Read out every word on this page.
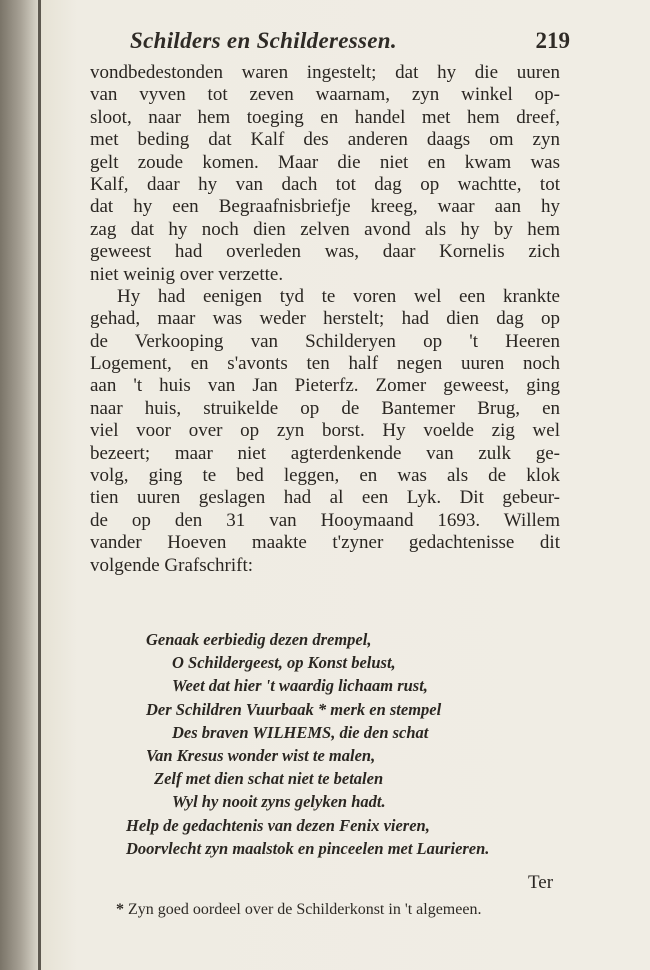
Schilders en Schilderessen.	219
vondbedestonden waren ingestelt; dat hy die uuren
van vyven tot zeven waarnam, zyn winkel op-
sloot, naar hem toeging en handel met hem dreef,
met beding dat Kalf des anderen daags om zyn
gelt zoude komen. Maar die niet en kwam was
Kalf, daar hy van dach tot dag op wachtte, tot
dat hy een Begraafnisbriefje kreeg, waar aan hy
zag dat hy noch dien zelven avond als hy by hem
geweest had overleden was, daar Kornelis zich
niet weinig over verzette.
Hy had eenigen tyd te voren wel een krankte
gehad, maar was weder herstelt; had dien dag op
de Verkooping van Schilderyen op 't Heeren
Logement, en s'avonts ten half negen uuren noch
aan 't huis van Jan Pieterfz. Zomer geweest, ging
naar huis, struikelde op de Bantemer Brug, en
viel voor over op zyn borst. Hy voelde zig wel
bezeert; maar niet agterdenkende van zulk ge-
volg, ging te bed leggen, en was als de klok
tien uuren geslagen had al een Lyk. Dit gebeur-
de op den 31 van Hooymaand 1693. Willem
vander Hoeven maakte t'zyner gedachtenisse dit
volgende Grafschrift:
Genaak eerbiedig dezen drempel,
O Schildergeest, op Konst belust,
Weet dat hier 't waardig lichaam rust,
Der Schildren Vuurbaak * merk en stempel
Des braven WILHEMS, die den schat
Van Kresus wonder wist te malen,
Zelf met dien schat niet te betalen
Wyl hy nooit zyns gelyken hadt.
Help de gedachtenis van dezen Fenix vieren,
Doorvlecht zyn maalstok en pinceelen met Laurieren.
Ter
* Zyn goed oordeel over de Schilderkonst in 't algemeen.
